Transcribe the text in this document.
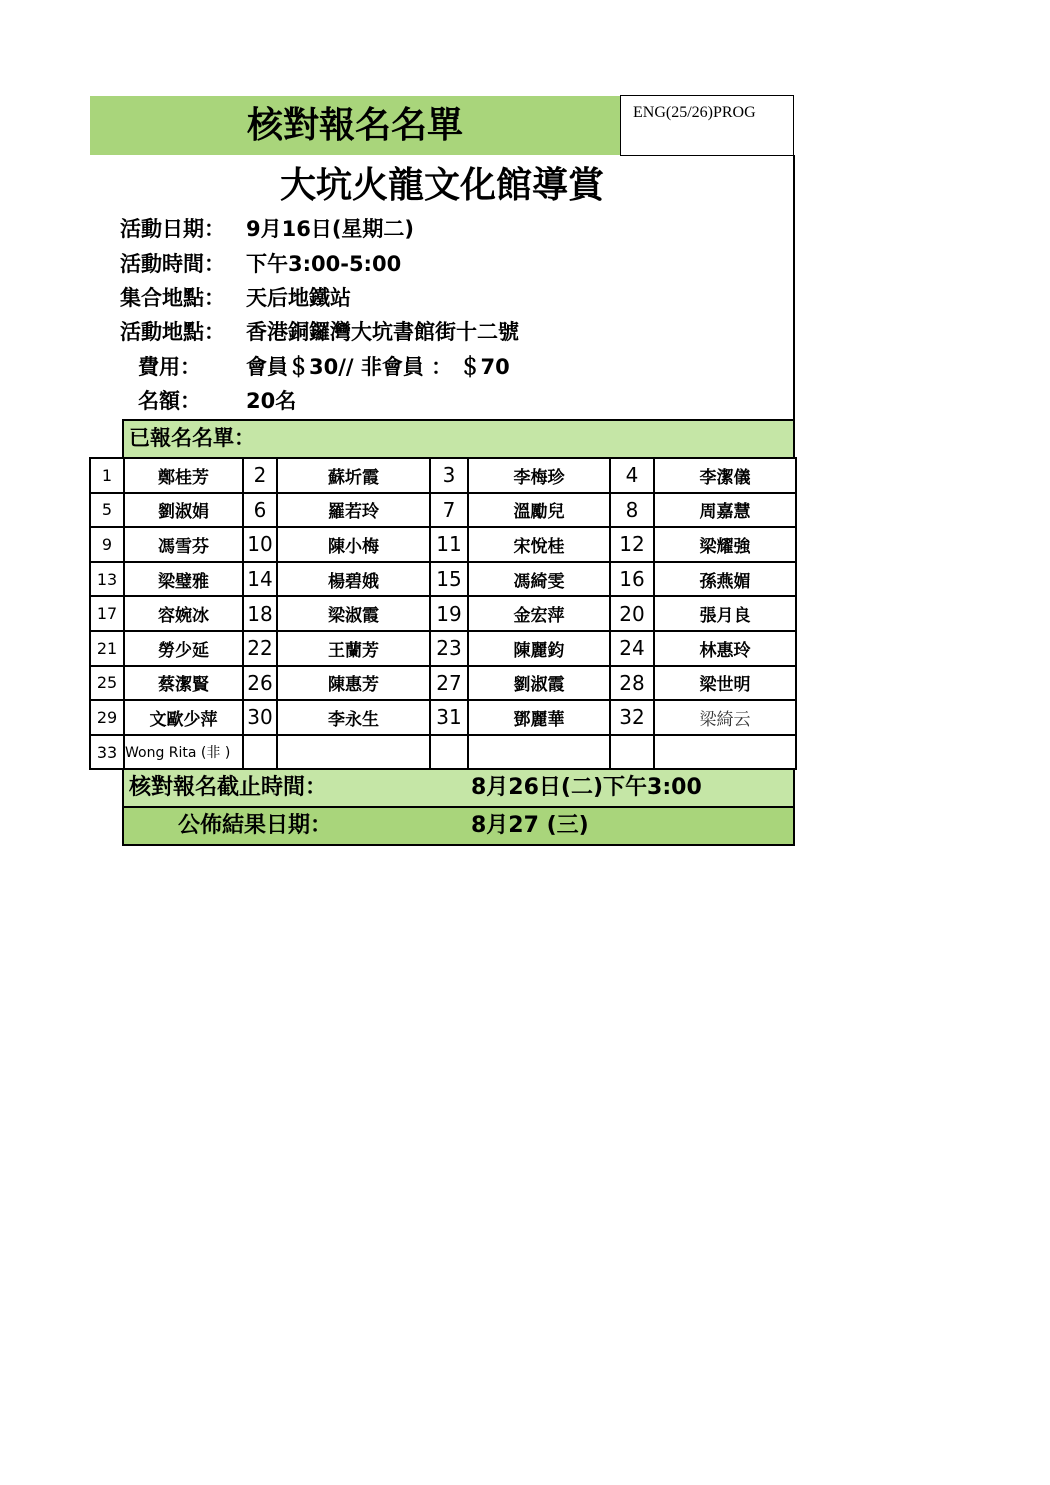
核對報名名單	ENG(25/26)PROG
大坑火龍文化館導賞
活動日期： 9月16日(星期二)
活動時間： 下午3:00-5:00
集合地點： 天后地鐵站
活動地點： 香港銅鑼灣大坑書館街十二號
費用： 會員＄30// 非會員 ： ＄70
名額： 20名
已報名名單：
1	鄭桂芳	2	蘇圻霞	3	李梅珍	4	李潔儀
5	劉淑娟	6	羅若玲	7	溫勵兒	8	周嘉慧
9	馮雪芬	10	陳小梅	11	宋悅桂	12	梁耀強
13	梁璧雅	14	楊碧娥	15	馮綺雯	16	孫燕媚
17	容婉冰	18	梁淑霞	19	金宏萍	20	張月良
21	勞少延	22	王蘭芳	23	陳麗鈞	24	林惠玲
25	蔡潔賢	26	陳惠芳	27	劉淑霞	28	梁世明
29	文歐少萍	30	李永生	31	鄧麗華	32	梁綺云
33	Wong Rita (非 )						
核對報名截止時間：	8月26日(二)下午3:00
公佈結果日期：	8月27 (三)
